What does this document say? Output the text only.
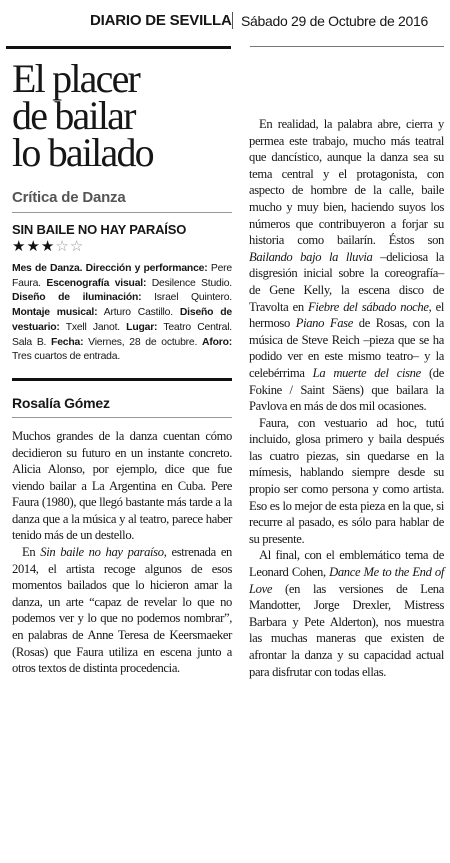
DIARIO DE SEVILLA Sábado 29 de Octubre de 2016
El placer
de bailar
lo bailado
Crítica de Danza
SIN BAILE NO HAY PARAÍSO
★★★☆☆
Mes de Danza. Dirección y performance: Pere Faura. Escenografía visual: Desilence Studio. Diseño de iluminación: Israel Quintero. Montaje musical: Arturo Castillo. Diseño de vestuario: Txell Janot. Lugar: Teatro Central. Sala B. Fecha: Viernes, 28 de octubre. Aforo: Tres cuartos de entrada.
Rosalía Gómez

Muchos grandes de la danza cuentan cómo decidieron su futuro en un instante concreto. Alicia Alonso, por ejemplo, dice que fue viendo bailar a La Argentina en Cuba. Pere Faura (1980), que llegó bastante más tarde a la danza que a la música y al teatro, parece haber tenido más de un destello.

En Sin baile no hay paraíso, estrenada en 2014, el artista recoge algunos de esos momentos bailados que lo hicieron amar la danza, un arte “capaz de revelar lo que no podemos ver y lo que no podemos nombrar”, en palabras de Anne Teresa de Keersmaeker (Rosas) que Faura utiliza en escena junto a otros textos de distinta procedencia.

En realidad, la palabra abre, cierra y permea este trabajo, mucho más teatral que dancístico, aunque la danza sea su tema central y el protagonista, con aspecto de hombre de la calle, baile mucho y muy bien, haciendo suyos los números que contribuyeron a forjar su historia como bailarín. Éstos son Bailando bajo la lluvia –deliciosa la disgresión inicial sobre la coreografía– de Gene Kelly, la escena disco de Travolta en Fiebre del sábado noche, el hermoso Piano Fase de Rosas, con la música de Steve Reich –pieza que se ha podido ver en este mismo teatro– y la celebérrima La muerte del cisne (de Fokine / Saint Säens) que bailara la Pavlova en más de dos mil ocasiones.

Faura, con vestuario ad hoc, tutú incluido, glosa primero y baila después las cuatro piezas, sin quedarse en la mímesis, hablando siempre desde su propio ser como persona y como artista. Eso es lo mejor de esta pieza en la que, si recurre al pasado, es sólo para hablar de su presente.

Al final, con el emblemático tema de Leonard Cohen, Dance Me to the End of Love (en las versiones de Lena Mandotter, Jorge Drexler, Mistress Barbara y Pete Alderton), nos muestra las muchas maneras que existen de afrontar la danza y su capacidad actual para disfrutar con todas ellas.
